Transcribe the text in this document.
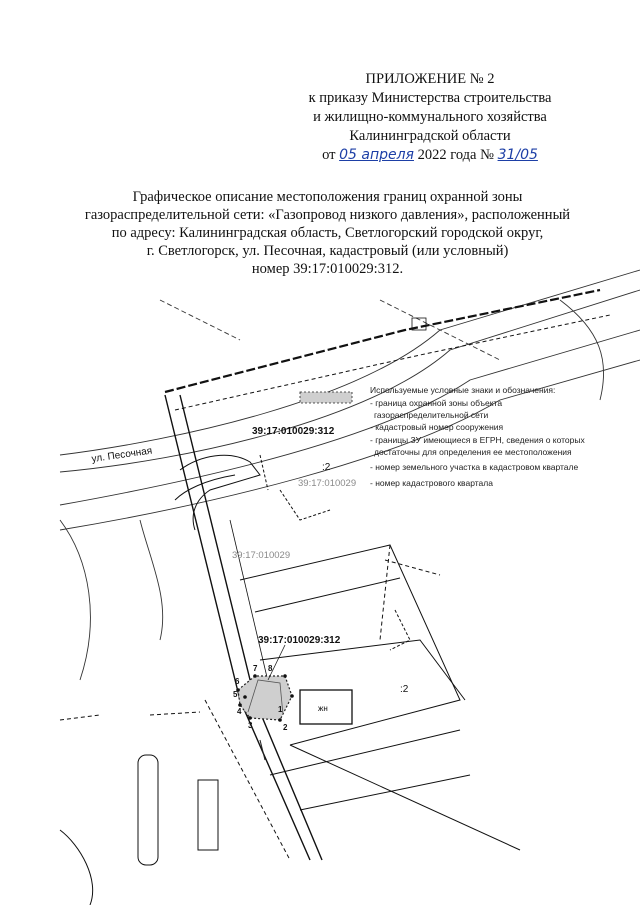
ПРИЛОЖЕНИЕ № 2
к приказу Министерства строительства
и жилищно-коммунального хозяйства
Калининградской области
от 05 апреля 2022 года № 31/05
Графическое описание местоположения границ охранной зоны
газораспределительной сети: «Газопровод низкого давления», расположенный
по адресу: Калининградская область, Светлогорский городской округ,
г. Светлогорск, ул. Песочная, кадастровый (или условный)
номер 39:17:010029:312.
2
1
3
4
5
6
7 8
ул. Песочная
39:17:010029:312
:2
39:17:010029
39:17:010029
39:17:010029:312
:2
жн
Используемые условные знаки и обозначения:
- граница охранной зоны объекта
газораспределительной сети
- кадастровый номер сооружения
- границы ЗУ имеющиеся в ЕГРН, сведения о которых
достаточны для определения ее местоположения
- номер земельного участка в кадастровом квартале
- номер кадастрового квартала
